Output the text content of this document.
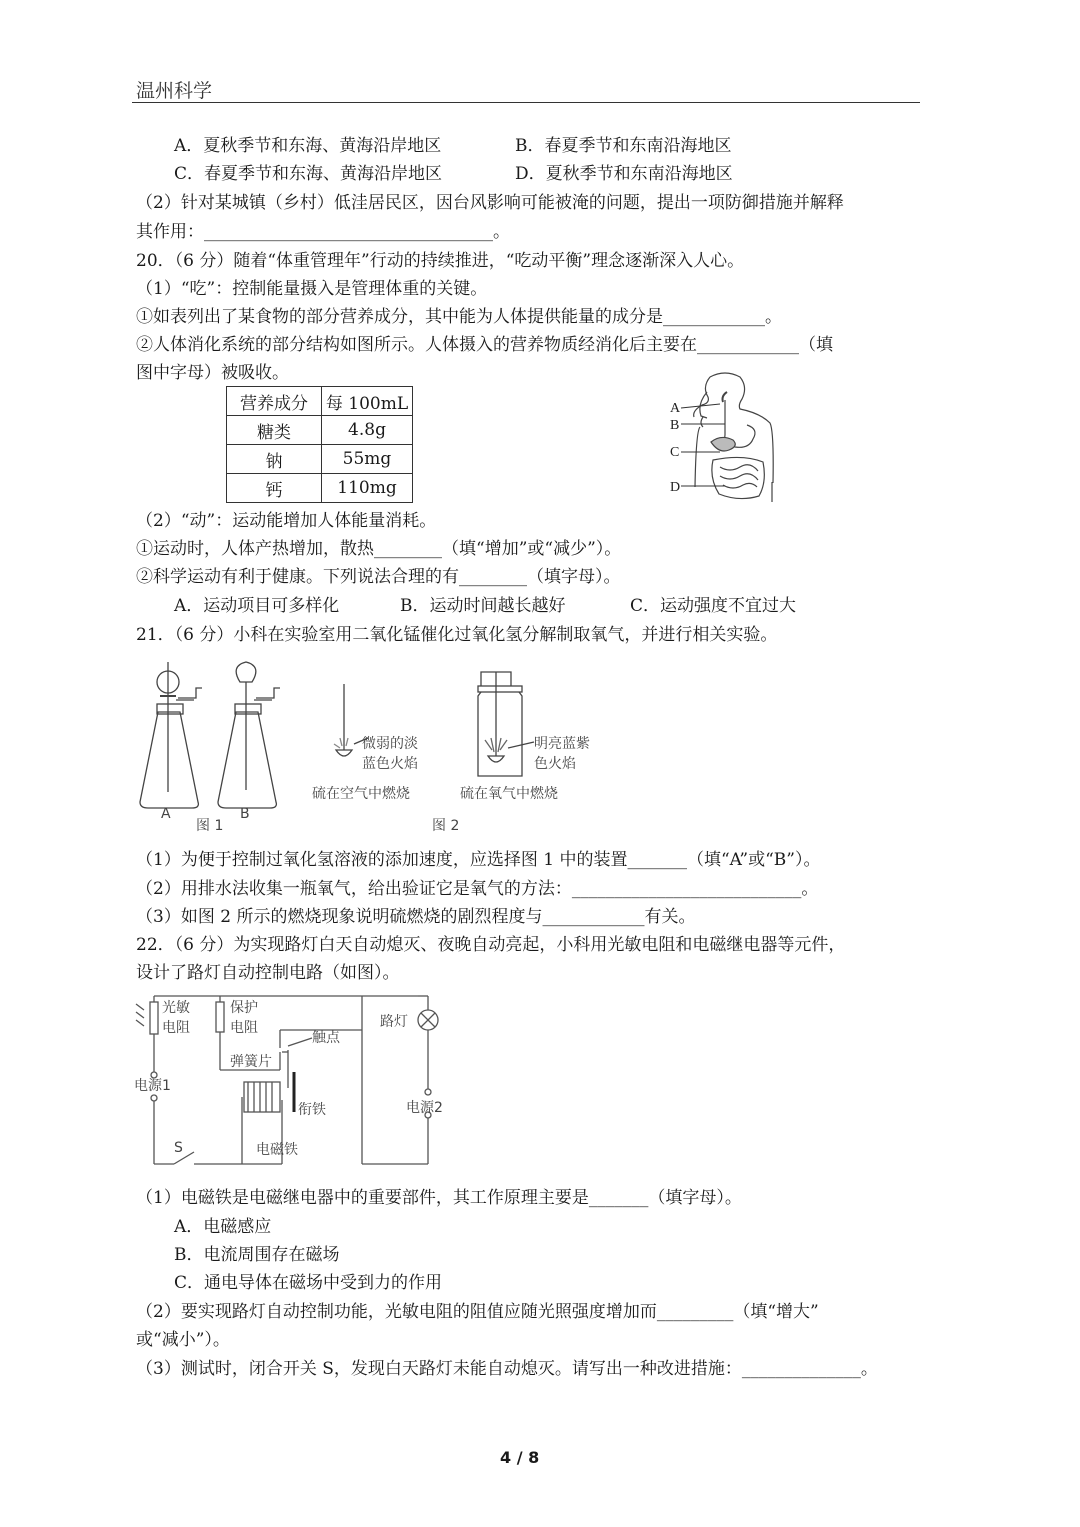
温州科学
A．夏秋季节和东海、黄海沿岸地区	B．春夏季节和东南沿海地区
C．春夏季节和东海、黄海沿岸地区	D．夏秋季节和东南沿海地区
（2）针对某城镇（乡村）低洼居民区，因台风影响可能被淹的问题，提出一项防御措施并解释
其作用：__________________________________。
20．（6 分）随着“体重管理年”行动的持续推进，“吃动平衡”理念逐渐深入人心。
（1）“吃”：控制能量摄入是管理体重的关键。
①如表列出了某食物的部分营养成分，其中能为人体提供能量的成分是____________。
②人体消化系统的部分结构如图所示。人体摄入的营养物质经消化后主要在____________（填
图中字母）被吸收。
（2）“动”：运动能增加人体能量消耗。
①运动时，人体产热增加，散热________（填“增加”或“减少”）。
②科学运动有利于健康。下列说法合理的有________（填字母）。
A．运动项目可多样化	B．运动时间越长越好	C．运动强度不宜过大
21．（6 分）小科在实验室用二氧化锰催化过氧化氢分解制取氧气，并进行相关实验。
（1）为便于控制过氧化氢溶液的添加速度，应选择图 1 中的装置_______（填“A”或“B”）。
（2）用排水法收集一瓶氧气，给出验证它是氧气的方法：___________________________。
（3）如图 2 所示的燃烧现象说明硫燃烧的剧烈程度与____________有关。
22．（6 分）为实现路灯白天自动熄灭、夜晚自动亮起，小科用光敏电阻和电磁继电器等元件，
设计了路灯自动控制电路（如图）。
（1）电磁铁是电磁继电器中的重要部件，其工作原理主要是_______（填字母）。
A．电磁感应
B．电流周围存在磁场
C．通电导体在磁场中受到力的作用
（2）要实现路灯自动控制功能，光敏电阻的阻值应随光照强度增加而_________（填“增大”
或“减小”）。
（3）测试时，闭合开关 S，发现白天路灯未能自动熄灭。请写出一种改进措施：______________。
营养成分	每 100mL
糖类	4.8g
钠	55mg
钙	110mg
A
B
C
D
A	B
图 1	图 2
微弱的淡
蓝色火焰
硫在空气中燃烧
明亮蓝紫
色火焰
硫在氧气中燃烧
光敏
电阻
保护
电阻
触点
路灯
弹簧片
电源1
衔铁	电源2
S	电磁铁
4 / 8
